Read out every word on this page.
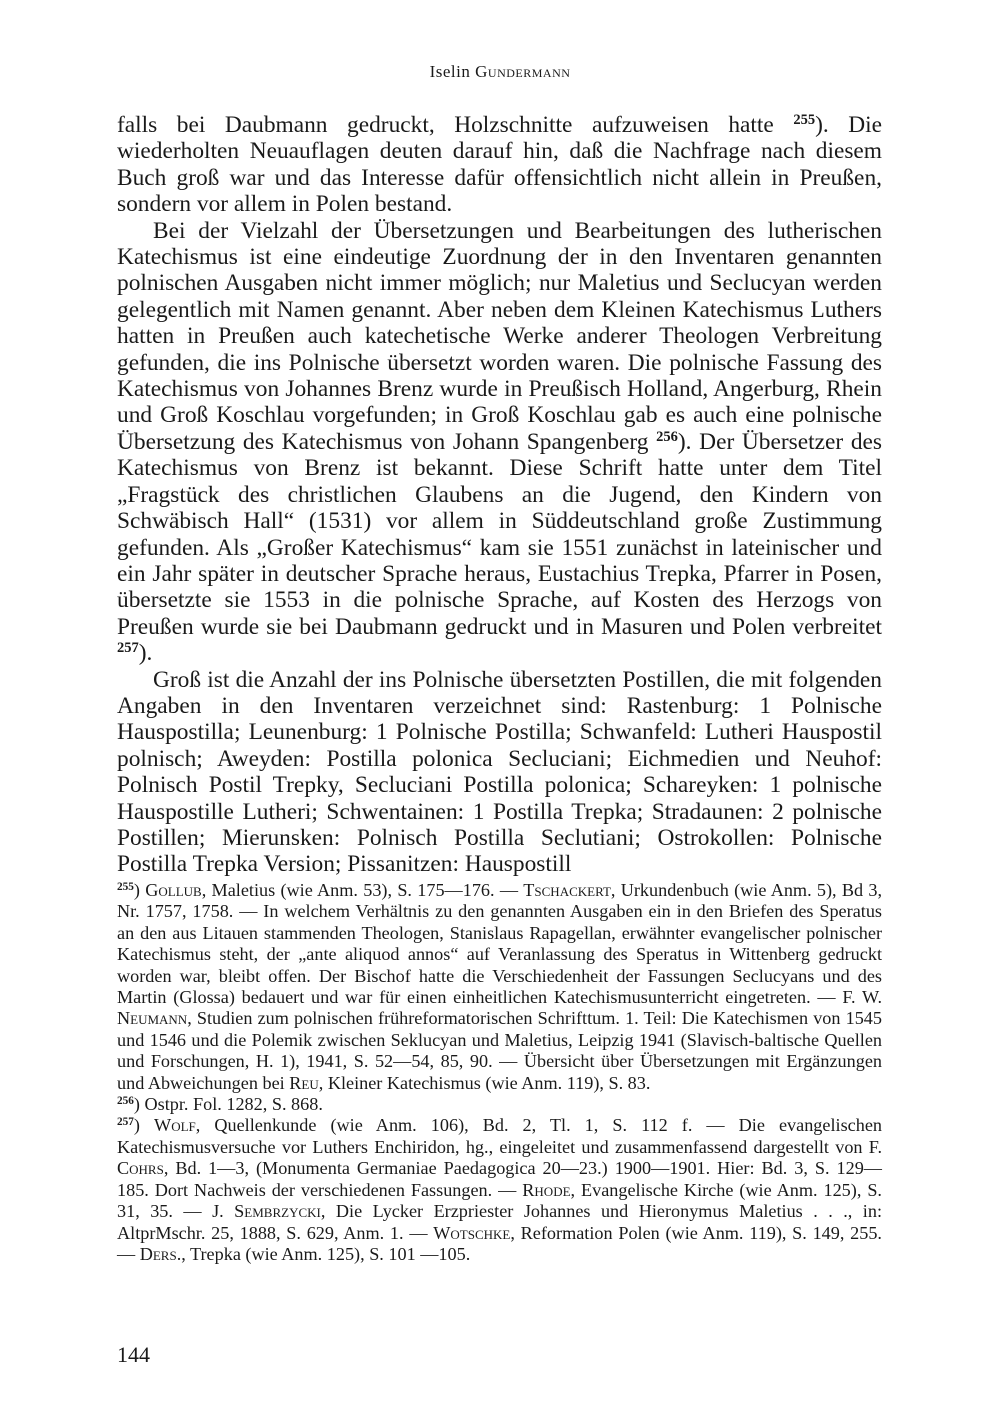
Iselin Gundermann

falls bei Daubmann gedruckt, Holzschnitte aufzuweisen hatte $^{255}$). Die wiederholten Neuauflagen deuten darauf hin, daß die Nachfrage nach diesem Buch groß war und das Interesse dafür offensichtlich nicht allein in Preußen, sondern vor allem in Polen bestand.

Bei der Vielzahl der Übersetzungen und Bearbeitungen des lutherischen Katechismus ist eine eindeutige Zuordnung der in den Inventaren genannten polnischen Ausgaben nicht immer möglich; nur Maletius und Seclucyan werden gelegentlich mit Namen genannt. Aber neben dem Kleinen Katechismus Luthers hatten in Preußen auch katechetische Werke anderer Theologen Verbreitung gefunden, die ins Polnische übersetzt worden waren. Die polnische Fassung des Katechismus von Johannes Brenz wurde in Preußisch Holland, Angerburg, Rhein und Groß Koschlau vorgefunden; in Groß Koschlau gab es auch eine polnische Übersetzung des Katechismus von Johann Spangenberg $^{256}$). Der Übersetzer des Katechismus von Brenz ist bekannt. Diese Schrift hatte unter dem Titel „Fragstück des christlichen Glaubens an die Jugend, den Kindern von Schwäbisch Hall“ (1531) vor allem in Süddeutschland große Zustimmung gefunden. Als „Großer Katechismus“ kam sie 1551 zunächst in lateinischer und ein Jahr später in deutscher Sprache heraus, Eustachius Trepka, Pfarrer in Posen, übersetzte sie 1553 in die polnische Sprache, auf Kosten des Herzogs von Preußen wurde sie bei Daubmann gedruckt und in Masuren und Polen verbreitet $^{257}$).

Groß ist die Anzahl der ins Polnische übersetzten Postillen, die mit folgenden Angaben in den Inventaren verzeichnet sind: Rastenburg: 1 Polnische Hauspostilla; Leunenburg: 1 Polnische Postilla; Schwanfeld: Lutheri Hauspostil polnisch; Aweyden: Postilla polonica Secluciani; Eichmedien und Neuhof: Polnisch Postil Trepky, Secluciani Postilla polonica; Schareyken: 1 polnische Hauspostille Lutheri; Schwentainen: 1 Postilla Trepka; Stradaunen: 2 polnische Postillen; Mierunsken: Polnisch Postilla Seclutiani; Ostrokollen: Polnische Postilla Trepka Version; Pissanitzen: Hauspostill

$^{255}$) Gollub, Maletius (wie Anm. 53), S. 175—176. — Tschackert, Urkundenbuch (wie Anm. 5), Bd 3, Nr. 1757, 1758. — In welchem Verhältnis zu den genannten Ausgaben ein in den Briefen des Speratus an den aus Litauen stammenden Theologen, Stanislaus Rapagellan, erwähnter evangelischer polnischer Katechismus steht, der „ante aliquod annos“ auf Veranlassung des Speratus in Wittenberg gedruckt worden war, bleibt offen. Der Bischof hatte die Verschiedenheit der Fassungen Seclucyans und des Martin (Glossa) bedauert und war für einen einheitlichen Katechismusunterricht eingetreten. — F. W. Neumann, Studien zum polnischen frühreformatorischen Schrifttum. 1. Teil: Die Katechismen von 1545 und 1546 und die Polemik zwischen Seklucyan und Maletius, Leipzig 1941 (Slavisch-baltische Quellen und Forschungen, H. 1), 1941, S. 52—54, 85, 90. — Übersicht über Übersetzungen mit Ergänzungen und Abweichungen bei Reu, Kleiner Katechismus (wie Anm. 119), S. 83.

$^{256}$) Ostpr. Fol. 1282, S. 868.

$^{257}$) Wolf, Quellenkunde (wie Anm. 106), Bd. 2, Tl. 1, S. 112 f. — Die evangelischen Katechismusversuche vor Luthers Enchiridon, hg., eingeleitet und zusammenfassend dargestellt von F. Cohrs, Bd. 1—3, (Monumenta Germaniae Paedagogica 20—23.) 1900—1901. Hier: Bd. 3, S. 129—185. Dort Nachweis der verschiedenen Fassungen. — Rhode, Evangelische Kirche (wie Anm. 125), S. 31, 35. — J. Sembrzycki, Die Lycker Erzpriester Johannes und Hieronymus Maletius . . ., in: AltprMschr. 25, 1888, S. 629, Anm. 1. — Wotschke, Reformation Polen (wie Anm. 119), S. 149, 255. — Ders., Trepka (wie Anm. 125), S. 101 —105.

144
